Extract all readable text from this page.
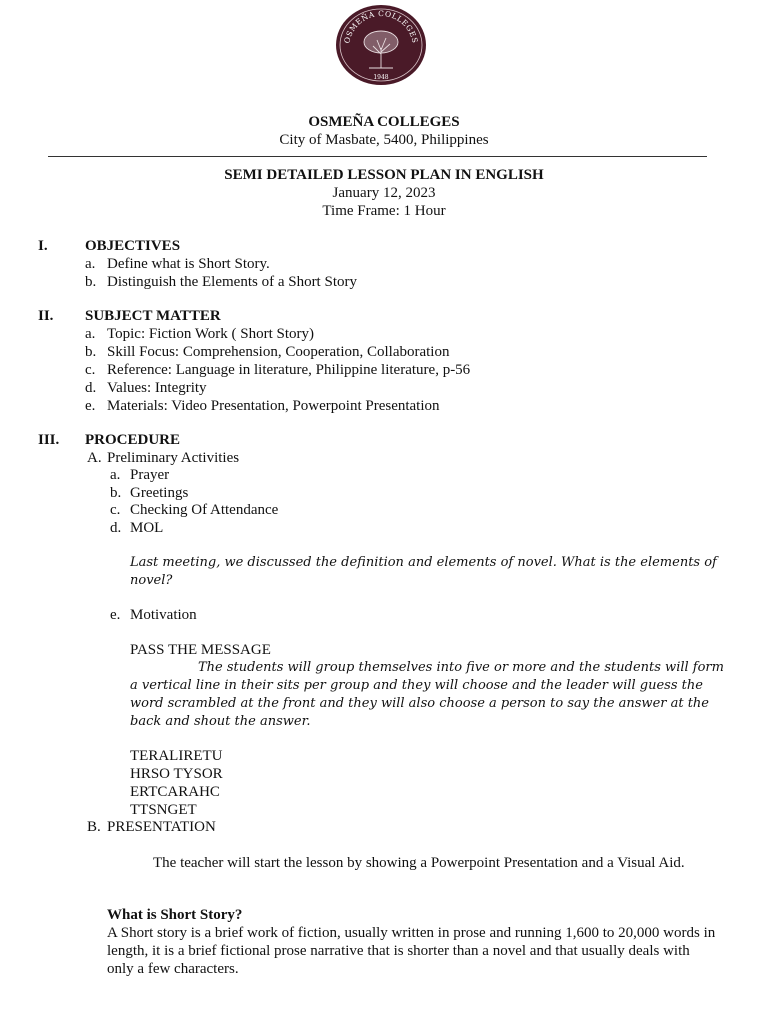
OSMEÑA COLLEGES
1948
OSMEÑA COLLEGES
City of Masbate, 5400, Philippines
SEMI DETAILED LESSON PLAN IN ENGLISH
January 12, 2023
Time Frame: 1 Hour
I. OBJECTIVES
a. Define what is Short Story.
b. Distinguish the Elements of a Short Story
II. SUBJECT MATTER
a. Topic: Fiction Work ( Short Story)
b. Skill Focus: Comprehension, Cooperation, Collaboration
c. Reference: Language in literature, Philippine literature, p-56
d. Values: Integrity
e. Materials: Video Presentation, Powerpoint Presentation
III. PROCEDURE
A. Preliminary Activities
a. Prayer
b. Greetings
c. Checking Of Attendance
d. MOL
Last meeting, we discussed the definition and elements of novel. What is the elements of novel?
e. Motivation
PASS THE MESSAGE
The students will group themselves into five or more and the students will form a vertical line in their sits per group and they will choose and the leader will guess the word scrambled at the front and they will also choose a person to say the answer at the back and shout the answer.
TERALIRETU
HRSO TYSOR
ERTCARAHC
TTSNGET
B. PRESENTATION
The teacher will start the lesson by showing a Powerpoint Presentation and a Visual Aid.
What is Short Story?
A Short story is a brief work of fiction, usually written in prose and running 1,600 to 20,000 words in length, it is a brief fictional prose narrative that is shorter than a novel and that usually deals with only a few characters.
